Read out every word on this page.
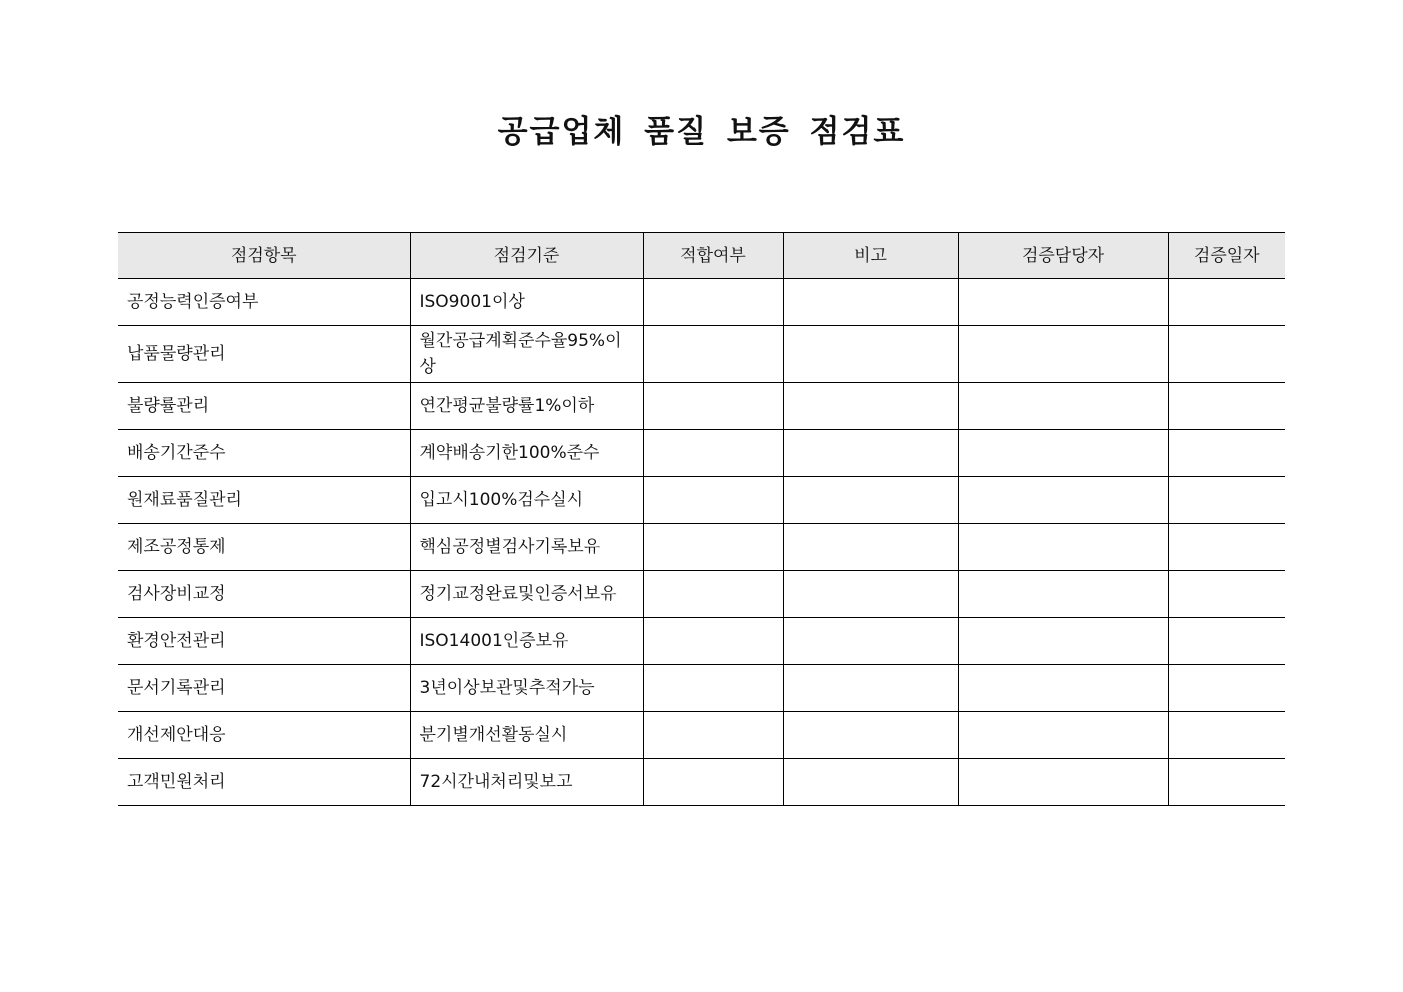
공급업체 품질 보증 점검표
점검항목	점검기준	적합여부	비고	검증담당자	검증일자
공정능력인증여부	ISO9001이상				
납품물량관리	월간공급계획준수율95%이상				
불량률관리	연간평균불량률1%이하				
배송기간준수	계약배송기한100%준수				
원재료품질관리	입고시100%검수실시				
제조공정통제	핵심공정별검사기록보유				
검사장비교정	정기교정완료및인증서보유				
환경안전관리	ISO14001인증보유				
문서기록관리	3년이상보관및추적가능				
개선제안대응	분기별개선활동실시				
고객민원처리	72시간내처리및보고				
